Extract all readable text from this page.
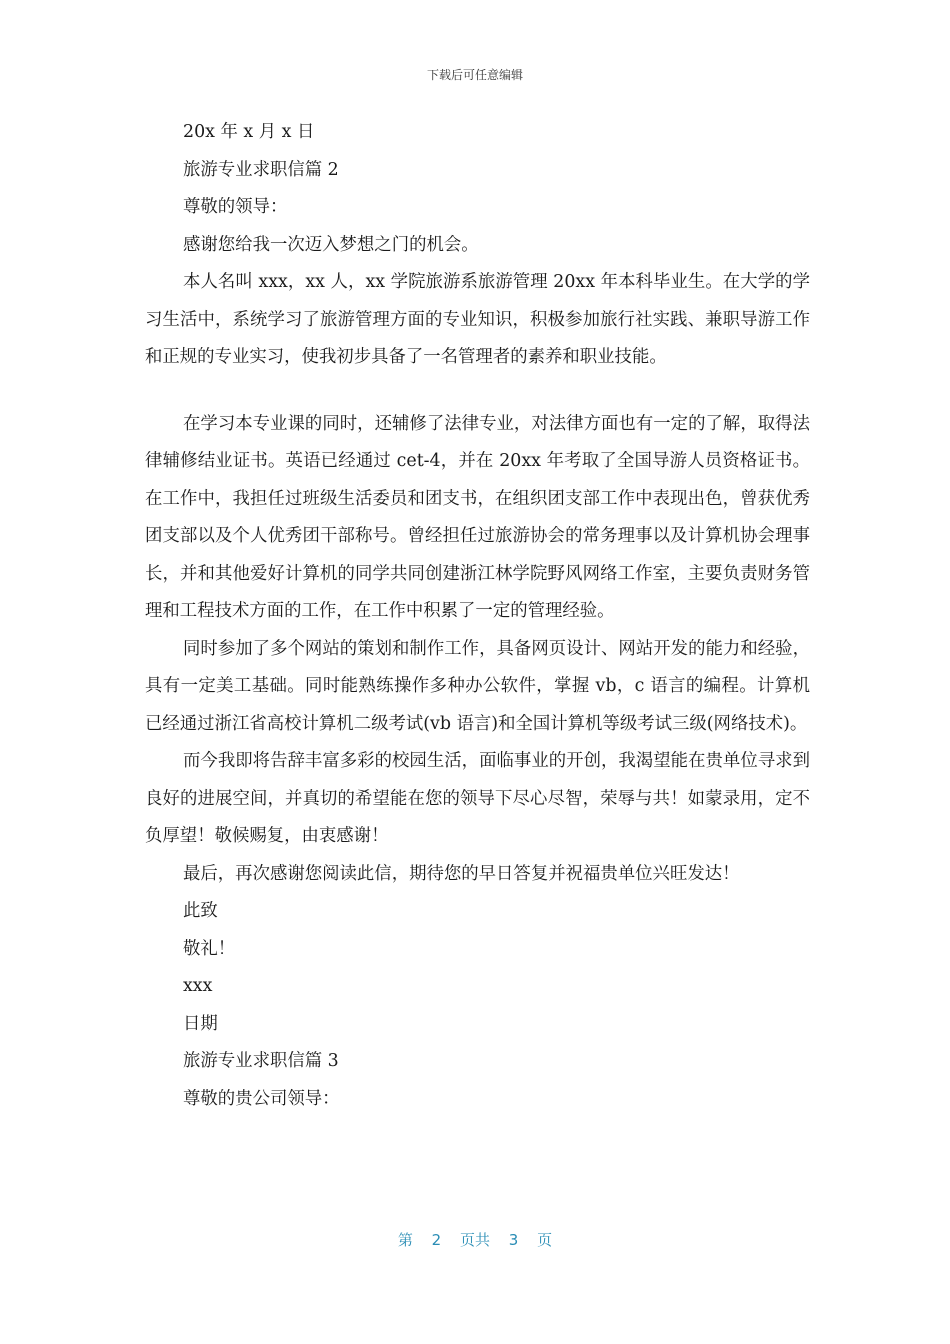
下载后可任意编辑
20x 年 x 月 x 日
旅游专业求职信篇 2
尊敬的领导：
感谢您给我一次迈入梦想之门的机会。

本人名叫 xxx，xx 人，xx 学院旅游系旅游管理 20xx 年本科毕业生。在大学的学习生活中，系统学习了旅游管理方面的专业知识，积极参加旅行社实践、兼职导游工作和正规的专业实习，使我初步具备了一名管理者的素养和职业技能。

在学习本专业课的同时，还辅修了法律专业，对法律方面也有一定的了解，取得法律辅修结业证书。英语已经通过 cet-4，并在 20xx 年考取了全国导游人员资格证书。在工作中，我担任过班级生活委员和团支书，在组织团支部工作中表现出色，曾获优秀团支部以及个人优秀团干部称号。曾经担任过旅游协会的常务理事以及计算机协会理事长，并和其他爱好计算机的同学共同创建浙江林学院野风网络工作室，主要负责财务管理和工程技术方面的工作，在工作中积累了一定的管理经验。

同时参加了多个网站的策划和制作工作，具备网页设计、网站开发的能力和经验，具有一定美工基础。同时能熟练操作多种办公软件，掌握 vb，c 语言的编程。计算机已经通过浙江省高校计算机二级考试(vb 语言)和全国计算机等级考试三级(网络技术)。

而今我即将告辞丰富多彩的校园生活，面临事业的开创，我渴望能在贵单位寻求到良好的进展空间，并真切的希望能在您的领导下尽心尽智，荣辱与共！如蒙录用，定不负厚望！敬候赐复，由衷感谢！

最后，再次感谢您阅读此信，期待您的早日答复并祝福贵单位兴旺发达！
此致
敬礼！
xxx
日期
旅游专业求职信篇 3
尊敬的贵公司领导：
第 2 页共 3 页
